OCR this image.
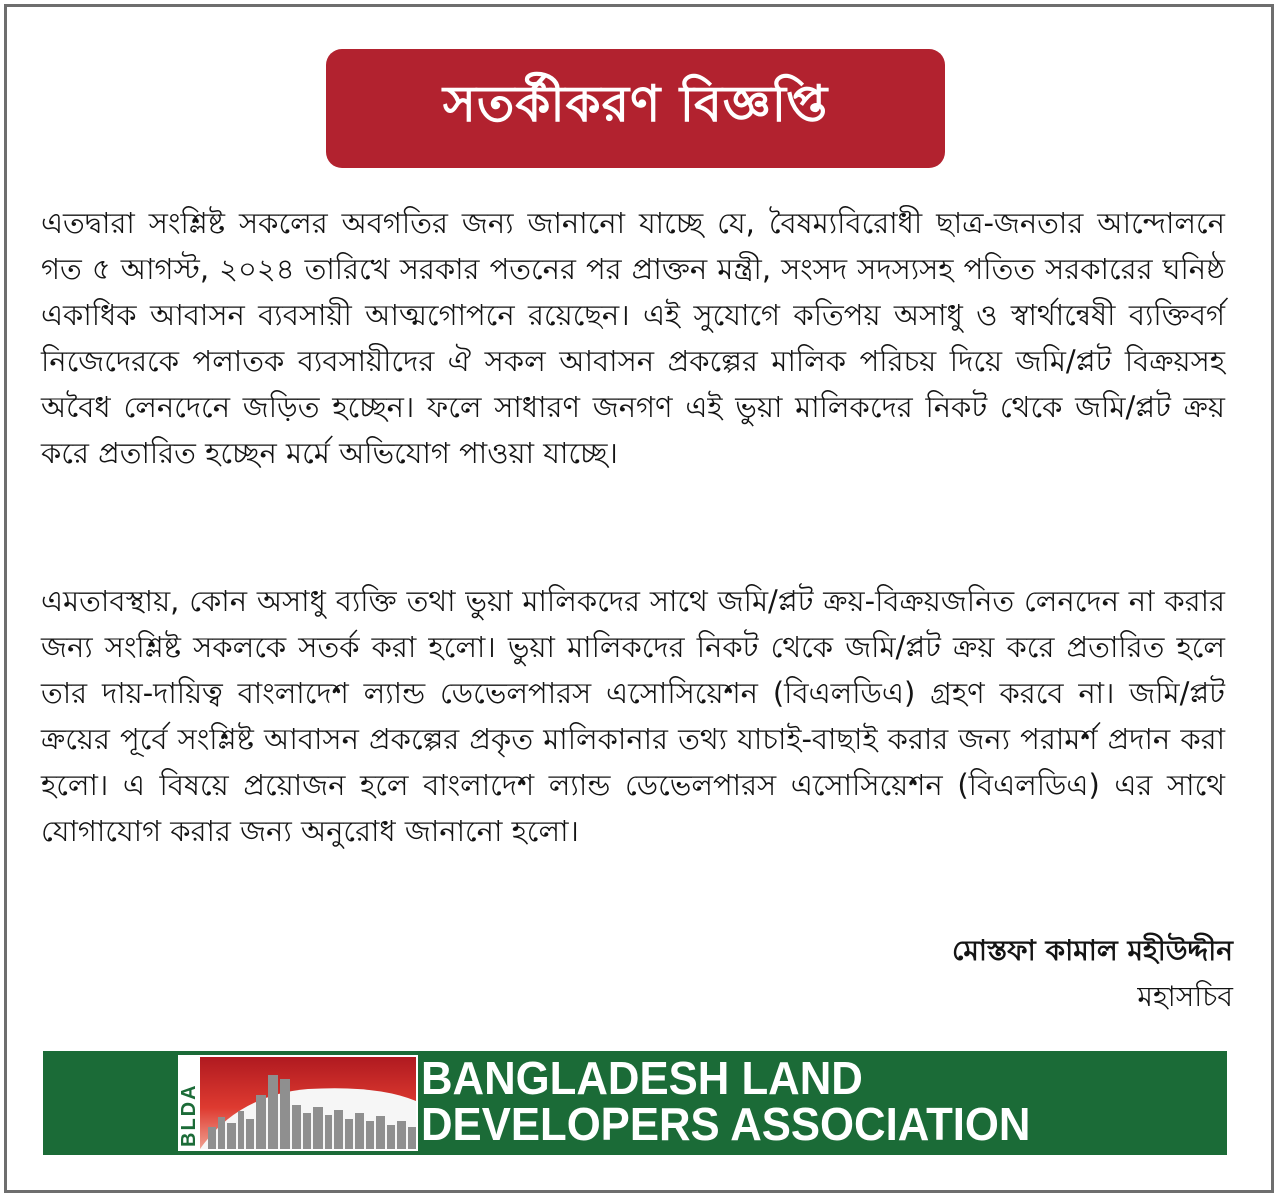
সতর্কীকরণ বিজ্ঞপ্তি

এতদ্বারা সংশ্লিষ্ট সকলের অবগতির জন্য জানানো যাচ্ছে যে, বৈষম্যবিরোধী ছাত্র-জনতার আন্দোলনে গত ৫ আগস্ট, ২০২৪ তারিখে সরকার পতনের পর প্রাক্তন মন্ত্রী, সংসদ সদস্যসহ পতিত সরকারের ঘনিষ্ঠ একাধিক আবাসন ব্যবসায়ী আত্মগোপনে রয়েছেন। এই সুযোগে কতিপয় অসাধু ও স্বার্থান্বেষী ব্যক্তিবর্গ নিজেদেরকে পলাতক ব্যবসায়ীদের ঐ সকল আবাসন প্রকল্পের মালিক পরিচয় দিয়ে জমি/প্লট বিক্রয়সহ অবৈধ লেনদেনে জড়িত হচ্ছেন। ফলে সাধারণ জনগণ এই ভুয়া মালিকদের নিকট থেকে জমি/প্লট ক্রয় করে প্রতারিত হচ্ছেন মর্মে অভিযোগ পাওয়া যাচ্ছে।

এমতাবস্থায়, কোন অসাধু ব্যক্তি তথা ভুয়া মালিকদের সাথে জমি/প্লট ক্রয়-বিক্রয়জনিত লেনদেন না করার জন্য সংশ্লিষ্ট সকলকে সতর্ক করা হলো। ভুয়া মালিকদের নিকট থেকে জমি/প্লট ক্রয় করে প্রতারিত হলে তার দায়-দায়িত্ব বাংলাদেশ ল্যান্ড ডেভেলপারস এসোসিয়েশন (বিএলডিএ) গ্রহণ করবে না। জমি/প্লট ক্রয়ের পূর্বে সংশ্লিষ্ট আবাসন প্রকল্পের প্রকৃত মালিকানার তথ্য যাচাই-বাছাই করার জন্য পরামর্শ প্রদান করা হলো। এ বিষয়ে প্রয়োজন হলে বাংলাদেশ ল্যান্ড ডেভেলপারস এসোসিয়েশন (বিএলডিএ) এর সাথে যোগাযোগ করার জন্য অনুরোধ জানানো হলো।

মোস্তফা কামাল মহীউদ্দীন
মহাসচিব
BLDA
BANGLADESH LAND
DEVELOPERS ASSOCIATION
